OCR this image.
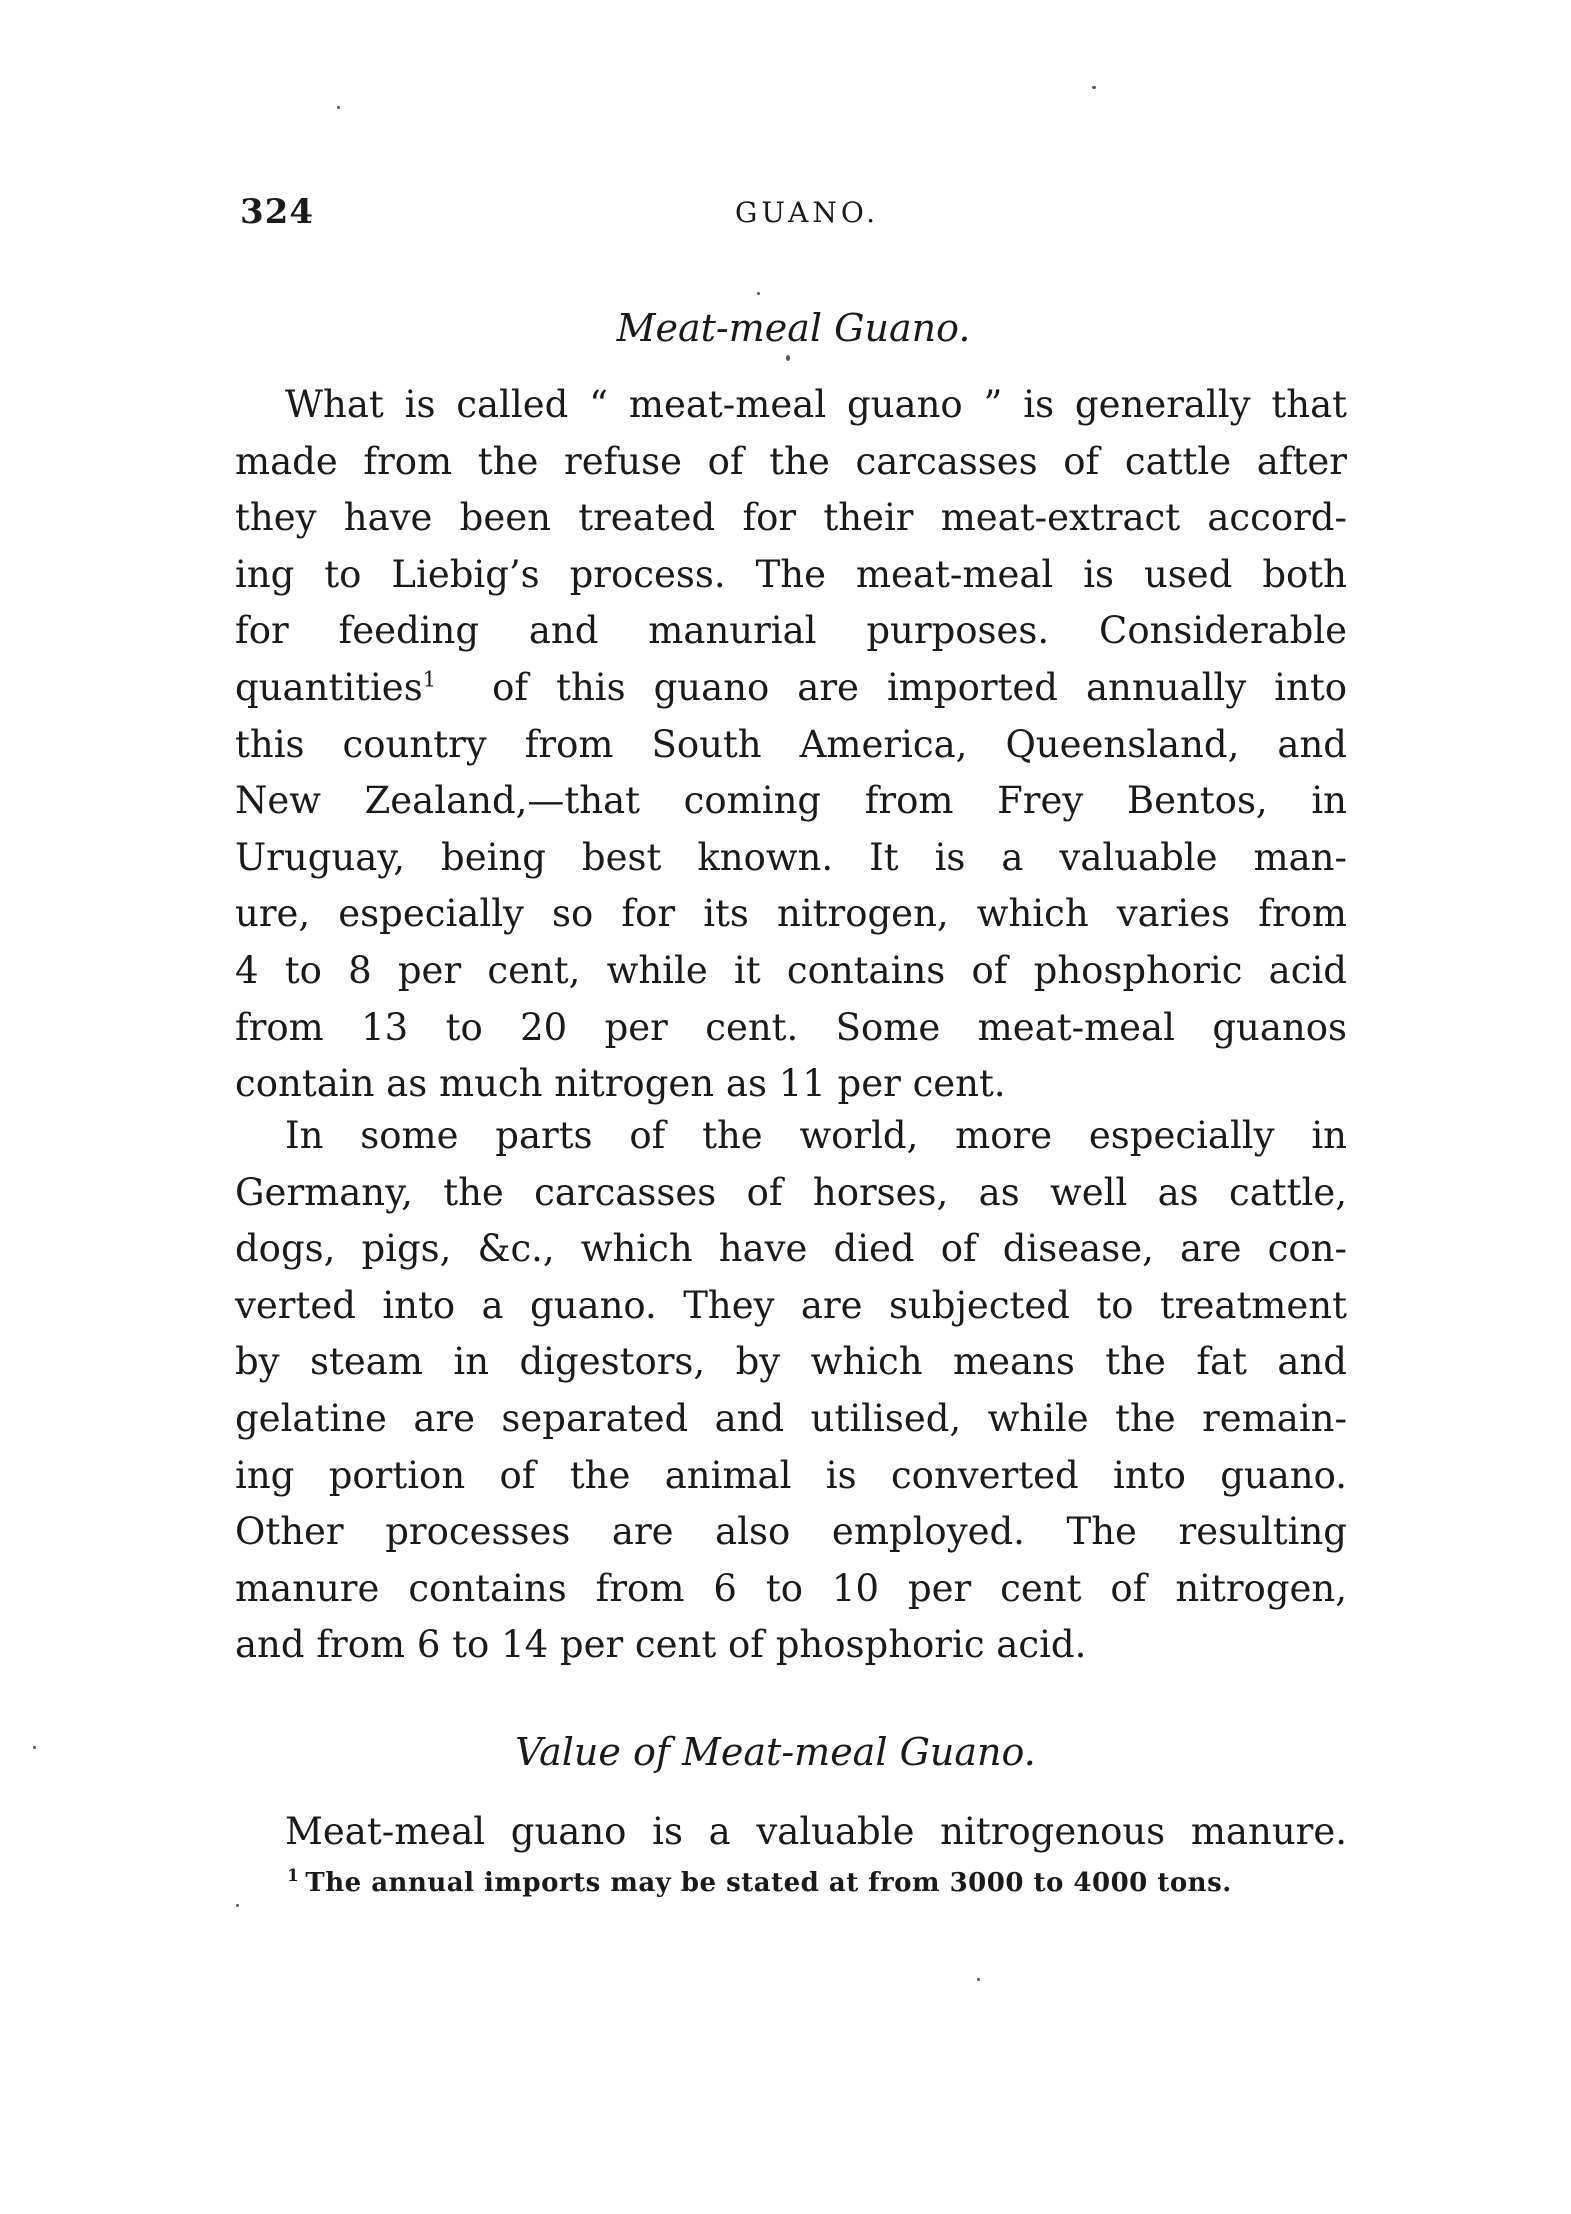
324	GUANO.
Meat-meal Guano.
What is called “ meat-meal guano ” is generally that
made from the refuse of the carcasses of cattle after
they have been treated for their meat-extract accord-
ing to Liebig’s process. The meat-meal is used both
for feeding and manurial purposes. Considerable
quantities$^1$ of this guano are imported annually into
this country from South America, Queensland, and
New Zealand,—that coming from Frey Bentos, in
Uruguay, being best known. It is a valuable man-
ure, especially so for its nitrogen, which varies from
4 to 8 per cent, while it contains of phosphoric acid
from 13 to 20 per cent. Some meat-meal guanos
contain as much nitrogen as 11 per cent.
In some parts of the world, more especially in
Germany, the carcasses of horses, as well as cattle,
dogs, pigs, &c., which have died of disease, are con-
verted into a guano. They are subjected to treatment
by steam in digestors, by which means the fat and
gelatine are separated and utilised, while the remain-
ing portion of the animal is converted into guano.
Other processes are also employed. The resulting
manure contains from 6 to 10 per cent of nitrogen,
and from 6 to 14 per cent of phosphoric acid.
Value of Meat-meal Guano.
Meat-meal guano is a valuable nitrogenous manure.
$^1$ The annual imports may be stated at from 3000 to 4000 tons.
